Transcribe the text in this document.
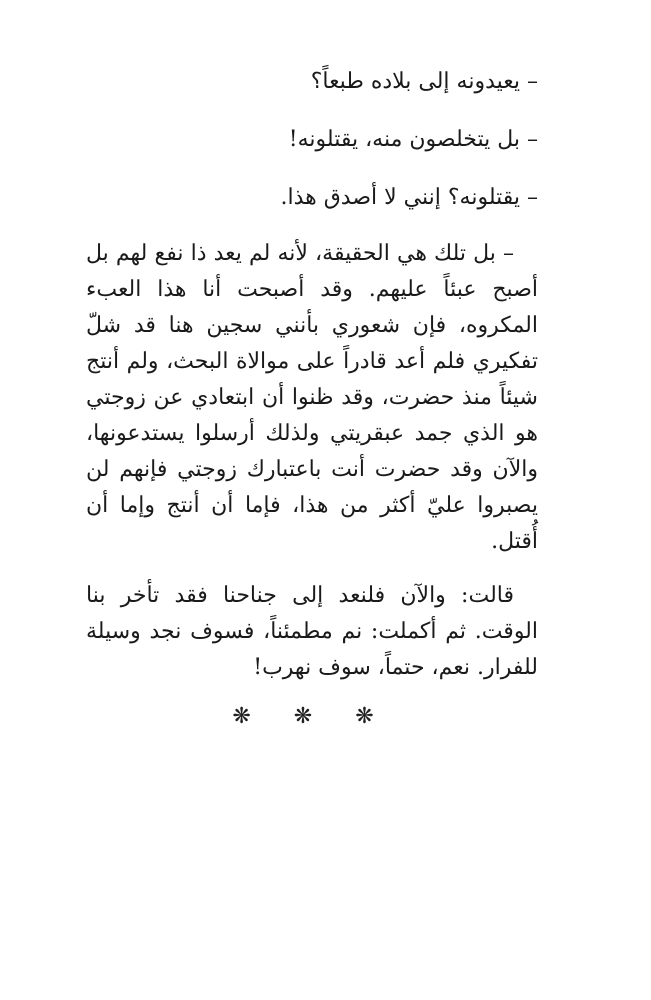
– يعيدونه إلى بلاده طبعاً؟

– بل يتخلصون منه، يقتلونه!

– يقتلونه؟ إنني لا أصدق هذا.

– بل تلك هي الحقيقة، لأنه لم يعد ذا نفع لهم بل أصبح عبئاً عليهم. وقد أصبحت أنا هذا العبء المكروه، فإن شعوري بأنني سجين هنا قد شلّ تفكيري فلم أعد قادراً على موالاة البحث، ولم أنتج شيئاً منذ حضرت، وقد ظنوا أن ابتعادي عن زوجتي هو الذي جمد عبقريتي ولذلك أرسلوا يستدعونها، والآن وقد حضرت أنت باعتبارك زوجتي فإنهم لن يصبروا عليّ أكثر من هذا، فإما أن أنتج وإما أن أُقتل.

قالت: والآن فلنعد إلى جناحنا فقد تأخر بنا الوقت. ثم أكملت: نم مطمئناً، فسوف نجد وسيلة للفرار. نعم، حتماً، سوف نهرب!

❋ ❋ ❋
